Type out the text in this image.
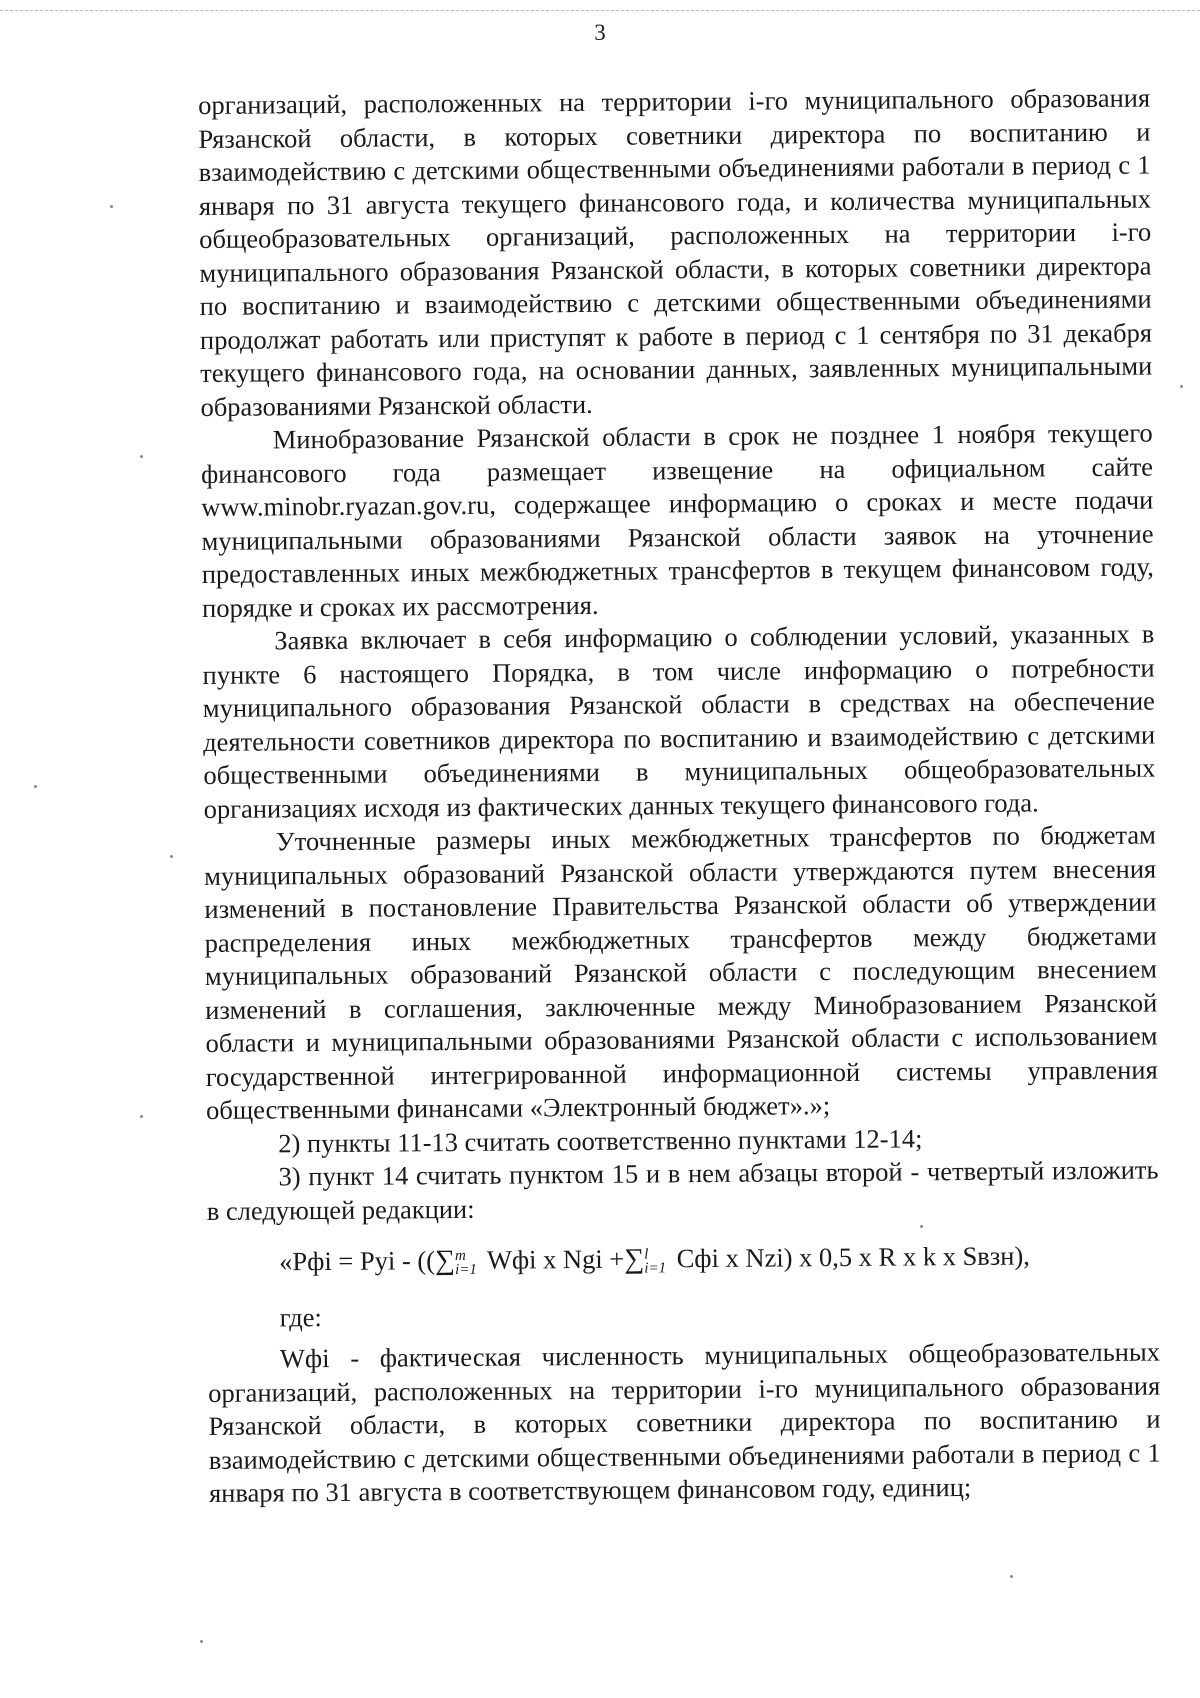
3

организаций, расположенных на территории i-го муниципального образования Рязанской области, в которых советники директора по воспитанию и взаимодействию с детскими общественными объединениями работали в период с 1 января по 31 августа текущего финансового года, и количества муниципальных общеобразовательных организаций, расположенных на территории i-го муниципального образования Рязанской области, в которых советники директора по воспитанию и взаимодействию с детскими общественными объединениями продолжат работать или приступят к работе в период с 1 сентября по 31 декабря текущего финансового года, на основании данных, заявленных муниципальными образованиями Рязанской области.

Минобразование Рязанской области в срок не позднее 1 ноября текущего финансового года размещает извещение на официальном сайте www.minobr.ryazan.gov.ru, содержащее информацию о сроках и месте подачи муниципальными образованиями Рязанской области заявок на уточнение предоставленных иных межбюджетных трансфертов в текущем финансовом году, порядке и сроках их рассмотрения.

Заявка включает в себя информацию о соблюдении условий, указанных в пункте 6 настоящего Порядка, в том числе информацию о потребности муниципального образования Рязанской области в средствах на обеспечение деятельности советников директора по воспитанию и взаимодействию с детскими общественными объединениями в муниципальных общеобразовательных организациях исходя из фактических данных текущего финансового года.

Уточненные размеры иных межбюджетных трансфертов по бюджетам муниципальных образований Рязанской области утверждаются путем внесения изменений в постановление Правительства Рязанской области об утверждении распределения иных межбюджетных трансфертов между бюджетами муниципальных образований Рязанской области с последующим внесением изменений в соглашения, заключенные между Минобразованием Рязанской области и муниципальными образованиями Рязанской области с использованием государственной интегрированной информационной системы управления общественными финансами «Электронный бюджет».»;

2) пункты 11-13 считать соответственно пунктами 12-14;

3) пункт 14 считать пунктом 15 и в нем абзацы второй - четвертый изложить в следующей редакции:

«Pфi = Pyi - ((∑ m
i=1 Wфi x Ngi +∑ l
i=1 Cфi x Nzi) x 0,5 x R x k x Sвзн),

где:

Wфi - фактическая численность муниципальных общеобразовательных организаций, расположенных на территории i-го муниципального образования Рязанской области, в которых советники директора по воспитанию и взаимодействию с детскими общественными объединениями работали в период с 1 января по 31 августа в соответствующем финансовом году, единиц;
